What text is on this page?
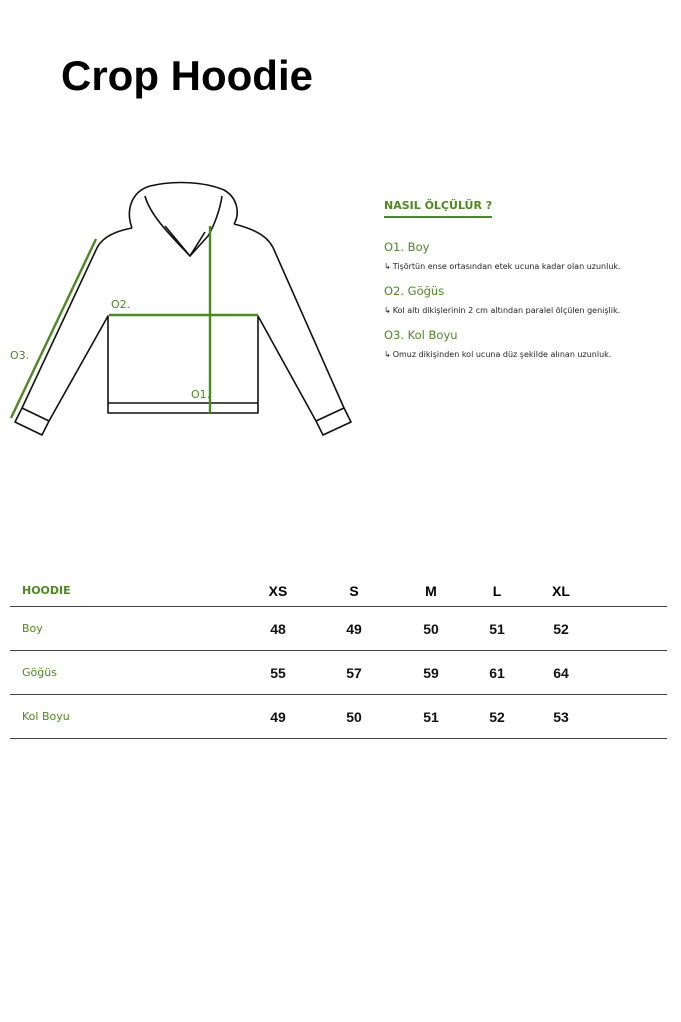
Crop Hoodie
O1.
O2.
O3.
NASIL ÖLÇÜLÜR ?
O1. Boy
↳ Tişörtün ense ortasından etek ucuna kadar olan uzunluk.
O2. Göğüs
↳ Kol altı dikişlerinin 2 cm altından paralel ölçülen genişlik.
O3. Kol Boyu
↳ Omuz dikişinden kol ucuna düz şekilde alınan uzunluk.
HOODIE	XS	S	M	L	XL	
Boy	48	49	50	51	52	
Göğüs	55	57	59	61	64	
Kol Boyu	49	50	51	52	53	
